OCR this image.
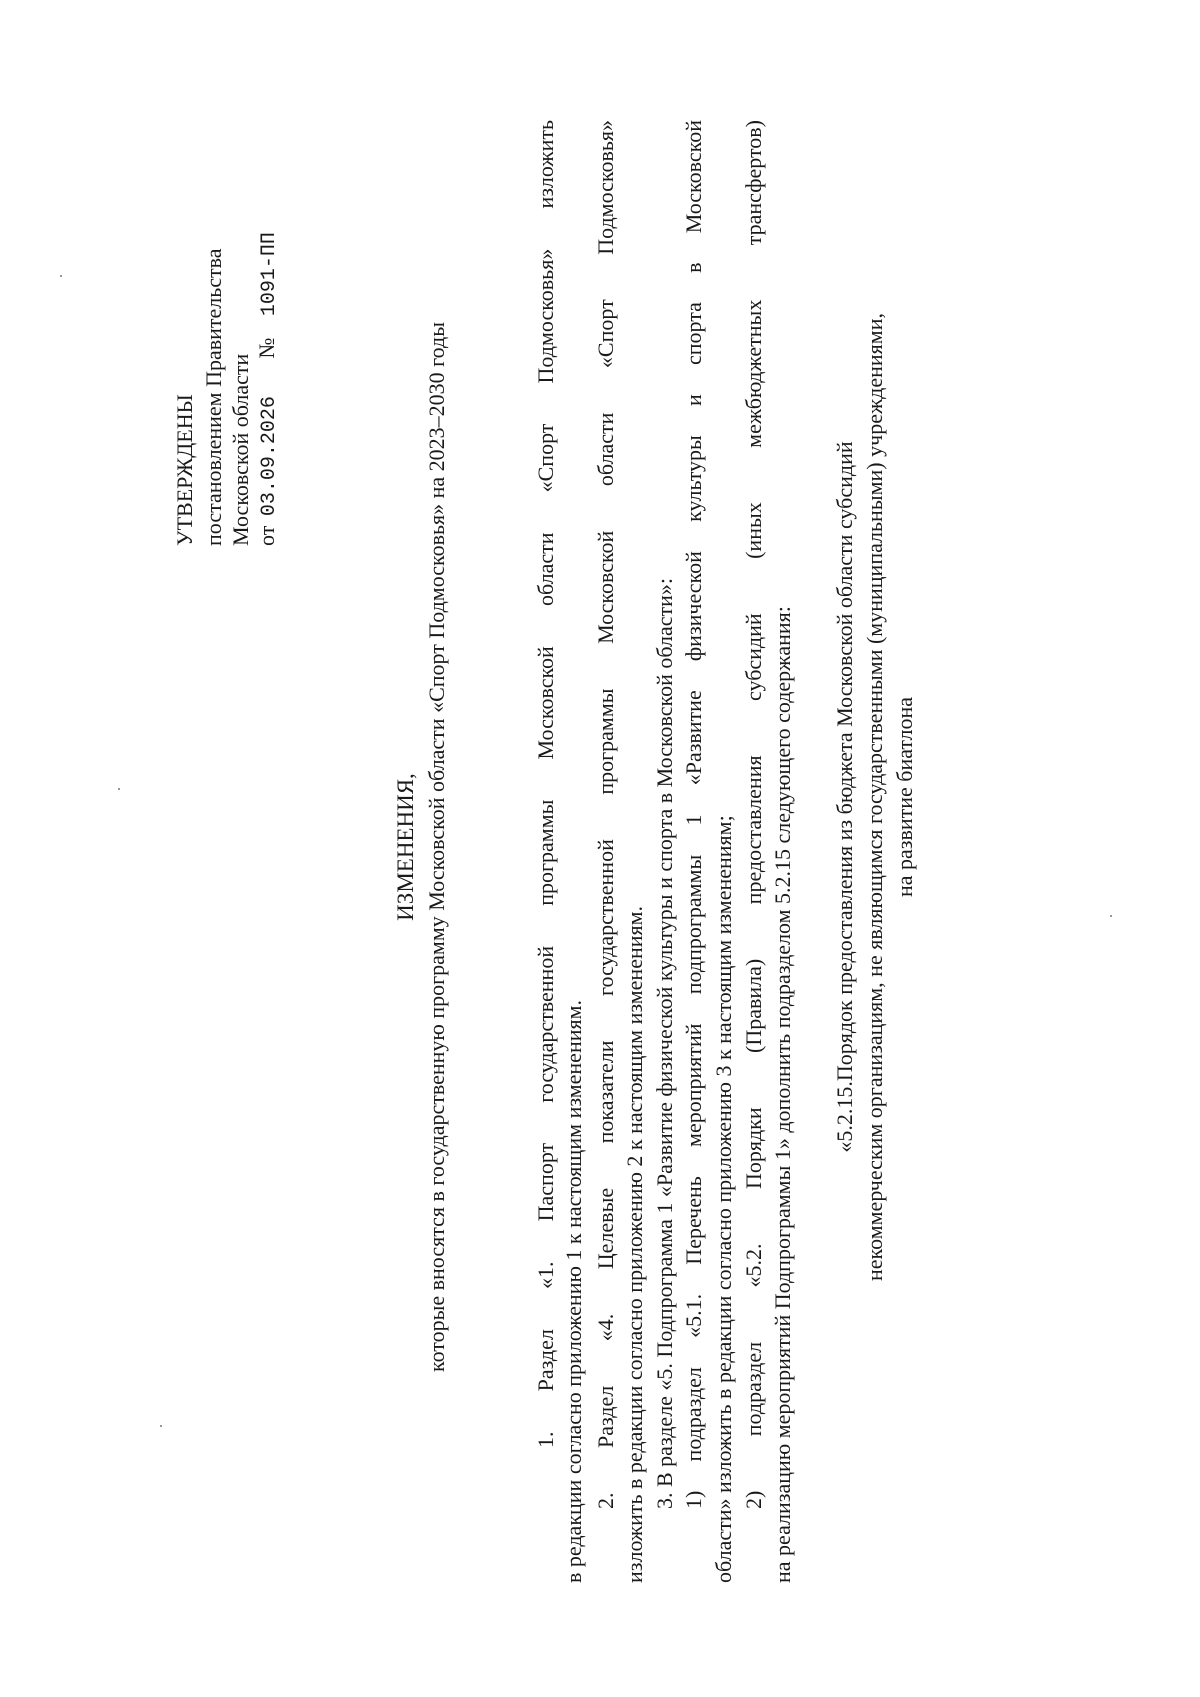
УТВЕРЖДЕНЫ постановлением Правительства Московской области от 03.09.2026 № 1091-ПП
ИЗМЕНЕНИЯ, которые вносятся в государственную программу Московской области «Спорт Подмосковья» на 2023–2030 годы	1. Раздел «1. Паспорт государственной программы Московской области «Спорт Подмосковья» изложить в редакции согласно приложению 1 к настоящим изменениям. 2. Раздел «4. Целевые показатели государственной программы Московской области «Спорт Подмосковья» изложить в редакции согласно приложению 2 к настоящим изменениям. 3. В разделе «5. Подпрограмма 1 «Развитие физической культуры и спорта в Московской области»: 1) подраздел «5.1. Перечень мероприятий подпрограммы 1 «Развитие физической культуры и спорта в Московской области» изложить в редакции согласно приложению 3 к настоящим изменениям; 2) подраздел «5.2. Порядки (Правила) предоставления субсидий (иных межбюджетных трансфертов) на реализацию мероприятий Подпрограммы 1» дополнить подразделом 5.2.15 следующего содержания: «5.2.15.Порядок предоставления из бюджета Московской области субсидий некоммерческим организациям, не являющимся государственными (муниципальными) учреждениями, на развитие биатлона
